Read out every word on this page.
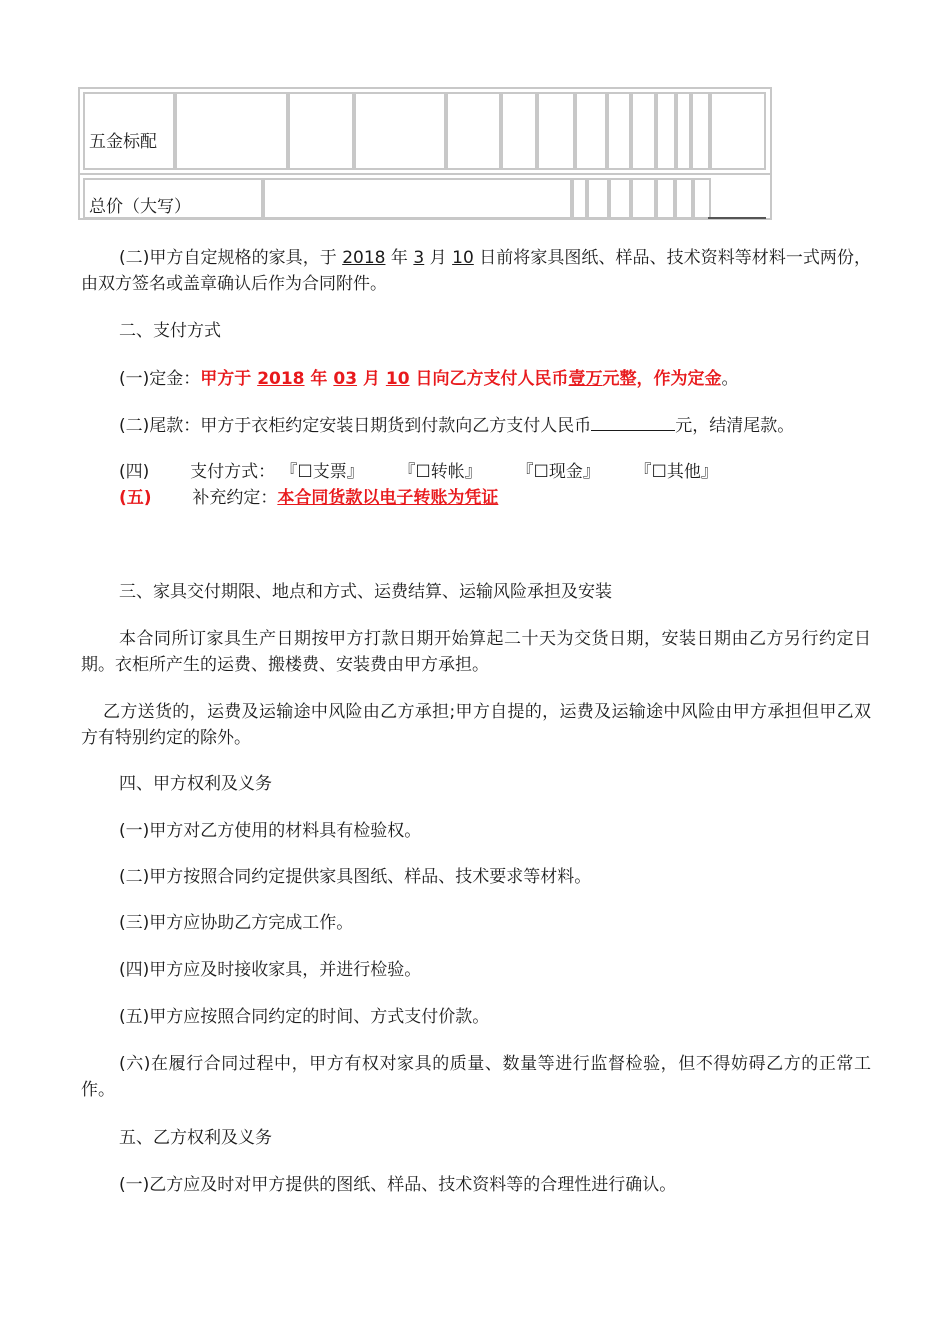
五金标配
总价（大写）
(二)甲方自定规格的家具，于 2018 年 3 月 10 日前将家具图纸、样品、技术资料等材料一式两份，由双方签名或盖章确认后作为合同附件。
二、支付方式
(一)定金：甲方于 2018 年 03 月 10 日向乙方支付人民币壹万元整，作为定金。
(二)尾款：甲方于衣柜约定安装日期货到付款向乙方支付人民币	元，结清尾款。
(四) 支付方式： 『☐支票』 『☐转帐』 『☐现金』 『☐其他』
(五) 补充约定：本合同货款以电子转账为凭证
三、家具交付期限、地点和方式、运费结算、运输风险承担及安装
本合同所订家具生产日期按甲方打款日期开始算起二十天为交货日期，安装日期由乙方另行约定日期。衣柜所产生的运费、搬楼费、安装费由甲方承担。
乙方送货的，运费及运输途中风险由乙方承担;甲方自提的，运费及运输途中风险由甲方承担但甲乙双方有特别约定的除外。
四、甲方权利及义务
(一)甲方对乙方使用的材料具有检验权。
(二)甲方按照合同约定提供家具图纸、样品、技术要求等材料。
(三)甲方应协助乙方完成工作。
(四)甲方应及时接收家具，并进行检验。
(五)甲方应按照合同约定的时间、方式支付价款。
(六)在履行合同过程中，甲方有权对家具的质量、数量等进行监督检验，但不得妨碍乙方的正常工作。
五、乙方权利及义务
(一)乙方应及时对甲方提供的图纸、样品、技术资料等的合理性进行确认。
